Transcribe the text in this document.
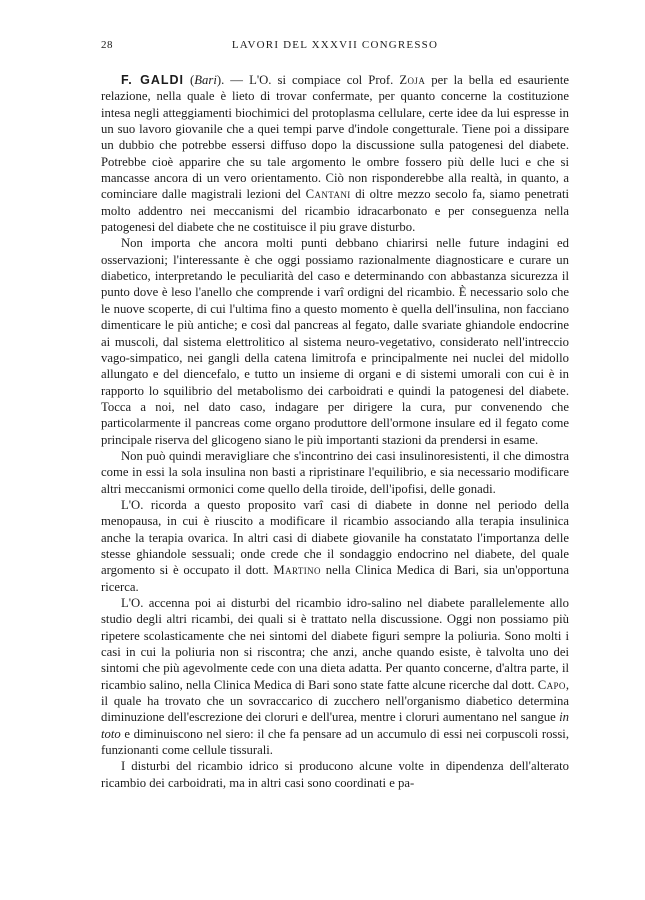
28	LAVORI DEL XXXVII CONGRESSO

F. GALDI (Bari). — L'O. si compiace col Prof. Zoja per la bella ed esauriente relazione, nella quale è lieto di trovar confermate, per quanto concerne la costituzione intesa negli atteggiamenti biochimici del protoplasma cellulare, certe idee da lui espresse in un suo lavoro giovanile che a quei tempi parve d'indole congetturale. Tiene poi a dissipare un dubbio che potrebbe essersi diffuso dopo la discussione sulla patogenesi del diabete. Potrebbe cioè apparire che su tale argomento le ombre fossero più delle luci e che si mancasse ancora di un vero orientamento. Ciò non risponderebbe alla realtà, in quanto, a cominciare dalle magistrali lezioni del Cantani di oltre mezzo secolo fa, siamo penetrati molto addentro nei meccanismi del ricambio idracarbonato e per conseguenza nella patogenesi del diabete che ne costituisce il piu grave disturbo.

Non importa che ancora molti punti debbano chiarirsi nelle future indagini ed osservazioni; l'interessante è che oggi possiamo razionalmente diagnosticare e curare un diabetico, interpretando le peculiarità del caso e determinando con abbastanza sicurezza il punto dove è leso l'anello che comprende i varî ordigni del ricambio. È necessario solo che le nuove scoperte, di cui l'ultima fino a questo momento è quella dell'insulina, non facciano dimenticare le più antiche; e così dal pancreas al fegato, dalle svariate ghiandole endocrine ai muscoli, dal sistema elettrolitico al sistema neuro-vegetativo, considerato nell'intreccio vago-simpatico, nei gangli della catena limitrofa e principalmente nei nuclei del midollo allungato e del diencefalo, e tutto un insieme di organi e di sistemi umorali con cui è in rapporto lo squilibrio del metabolismo dei carboidrati e quindi la patogenesi del diabete. Tocca a noi, nel dato caso, indagare per dirigere la cura, pur convenendo che particolarmente il pancreas come organo produttore dell'ormone insulare ed il fegato come principale riserva del glicogeno siano le più importanti stazioni da prendersi in esame.

Non può quindi meravigliare che s'incontrino dei casi insulinoresistenti, il che dimostra come in essi la sola insulina non basti a ripristinare l'equilibrio, e sia necessario modificare altri meccanismi ormonici come quello della tiroide, dell'ipofisi, delle gonadi.

L'O. ricorda a questo proposito varî casi di diabete in donne nel periodo della menopausa, in cui è riuscito a modificare il ricambio associando alla terapia insulinica anche la terapia ovarica. In altri casi di diabete giovanile ha constatato l'importanza delle stesse ghiandole sessuali; onde crede che il sondaggio endocrino nel diabete, del quale argomento si è occupato il dott. Martino nella Clinica Medica di Bari, sia un'opportuna ricerca.

L'O. accenna poi ai disturbi del ricambio idro-salino nel diabete parallelemente allo studio degli altri ricambi, dei quali si è trattato nella discussione. Oggi non possiamo più ripetere scolasticamente che nei sintomi del diabete figuri sempre la poliuria. Sono molti i casi in cui la poliuria non si riscontra; che anzi, anche quando esiste, è talvolta uno dei sintomi che più agevolmente cede con una dieta adatta. Per quanto concerne, d'altra parte, il ricambio salino, nella Clinica Medica di Bari sono state fatte alcune ricerche dal dott. Capo, il quale ha trovato che un sovraccarico di zucchero nell'organismo diabetico determina diminuzione dell'escrezione dei cloruri e dell'urea, mentre i cloruri aumentano nel sangue in toto e diminuiscono nel siero: il che fa pensare ad un accumulo di essi nei corpuscoli rossi, funzionanti come cellule tissurali.

I disturbi del ricambio idrico si producono alcune volte in dipendenza dell'alterato ricambio dei carboidrati, ma in altri casi sono coordinati e pa-
